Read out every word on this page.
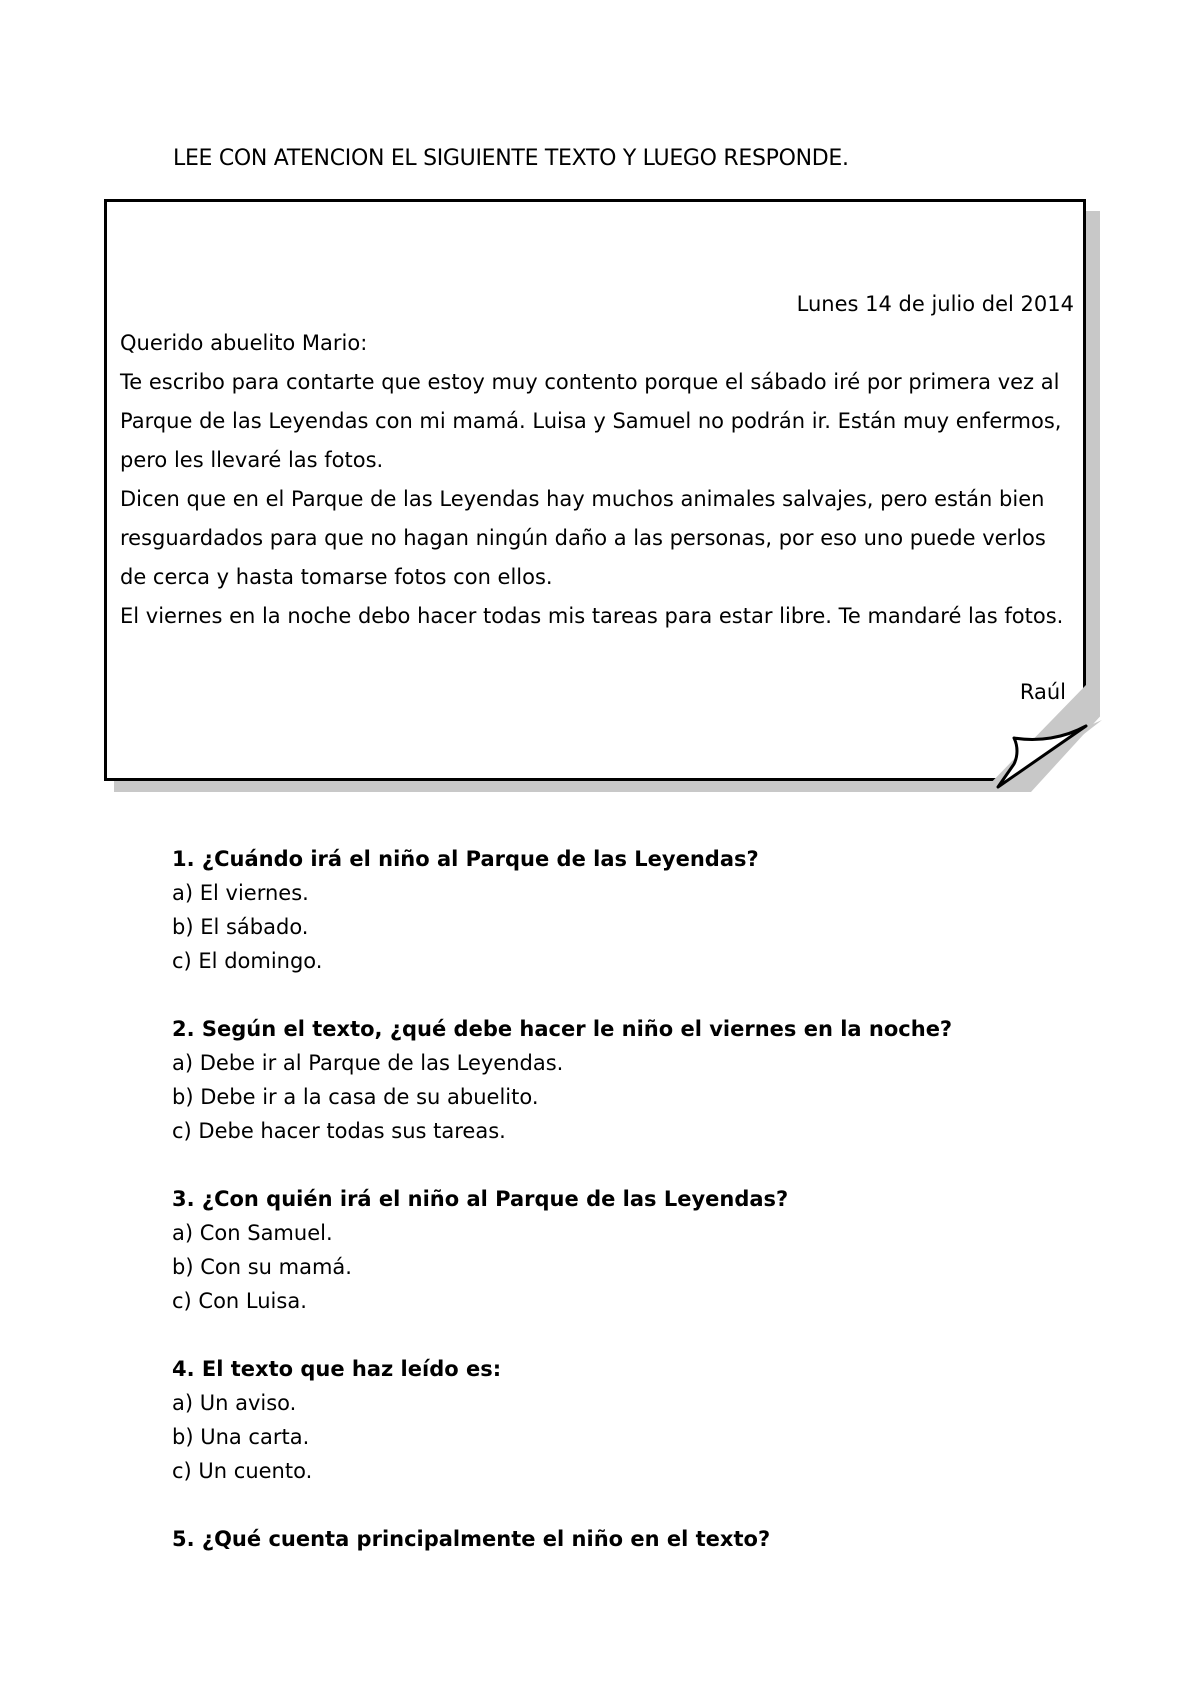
LEE CON ATENCION EL SIGUIENTE TEXTO Y LUEGO RESPONDE.
Lunes 14 de julio del 2014
Querido abuelito Mario:
Te escribo para contarte que estoy muy contento porque el sábado iré por primera vez al Parque de las Leyendas con mi mamá. Luisa y Samuel no podrán ir. Están muy enfermos, pero les llevaré las fotos.
Dicen que en el Parque de las Leyendas hay muchos animales salvajes, pero están bien resguardados para que no hagan ningún daño a las personas, por eso uno puede verlos de cerca y hasta tomarse fotos con ellos.
El viernes en la noche debo hacer todas mis tareas para estar libre. Te mandaré las fotos.
Raúl
1. ¿Cuándo irá el niño al Parque de las Leyendas?
a) El viernes.
b) El sábado.
c) El domingo.
2. Según el texto, ¿qué debe hacer le niño el viernes en la noche?
a) Debe ir al Parque de las Leyendas.
b) Debe ir a la casa de su abuelito.
c) Debe hacer todas sus tareas.
3. ¿Con quién irá el niño al Parque de las Leyendas?
a) Con Samuel.
b) Con su mamá.
c) Con Luisa.
4. El texto que haz leído es:
a) Un aviso.
b) Una carta.
c) Un cuento.
5. ¿Qué cuenta principalmente el niño en el texto?
